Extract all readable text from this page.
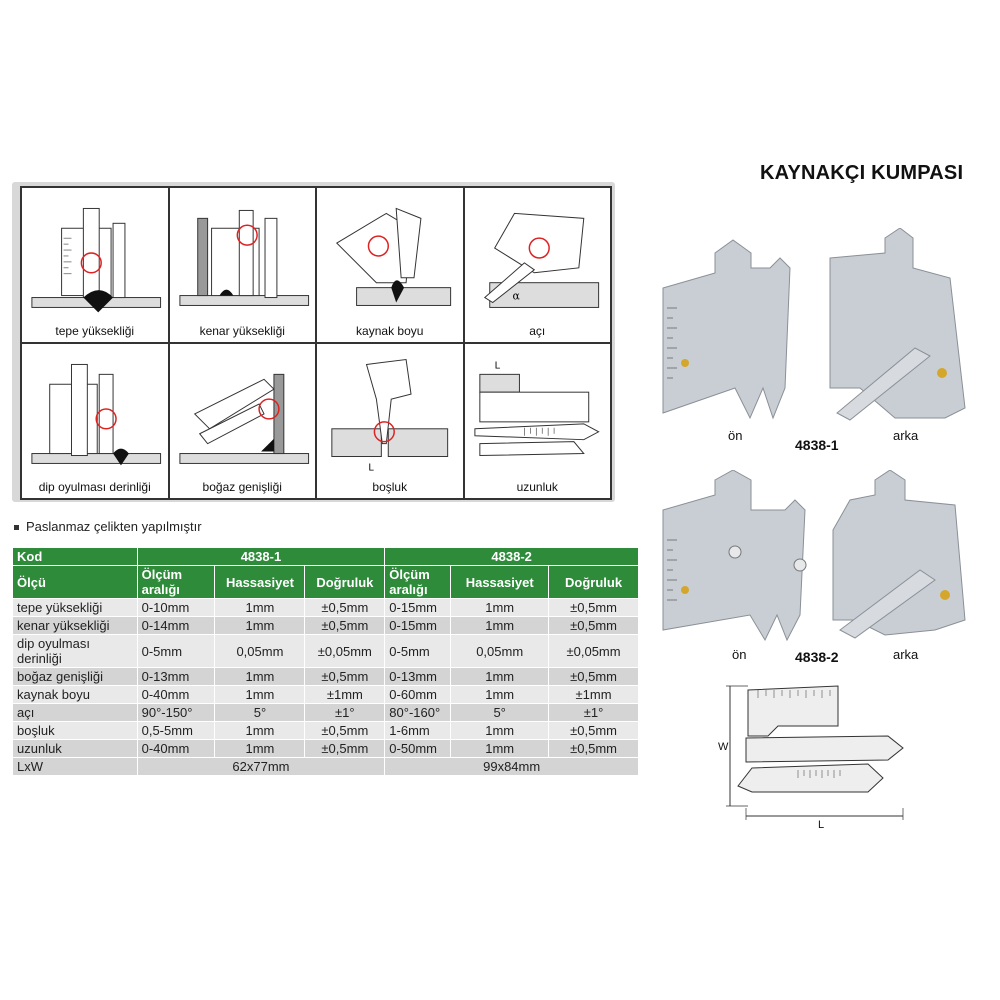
KAYNAKÇI KUMPASI
tepe yüksekliği	kenar yüksekliği	kaynak boyu
α
açı
dip oyulması derinliği	boğaz genişliği
L
boşluk
L
uzunluk
Paslanmaz çelikten yapılmıştır
Kod	4838-1			4838-2		
Ölçü	Ölçüm aralığı	Hassasiyet	Doğruluk	Ölçüm aralığı	Hassasiyet	Doğruluk
tepe yüksekliği	0-10mm	1mm	±0,5mm	0-15mm	1mm	±0,5mm
kenar yüksekliği	0-14mm	1mm	±0,5mm	0-15mm	1mm	±0,5mm
dip oyulması derinliği	0-5mm	0,05mm	±0,05mm	0-5mm	0,05mm	±0,05mm
boğaz genişliği	0-13mm	1mm	±0,5mm	0-13mm	1mm	±0,5mm
kaynak boyu	0-40mm	1mm	±1mm	0-60mm	1mm	±1mm
açı	90°-150°	5°	±1°	80°-160°	5°	±1°
boşluk	0,5-5mm	1mm	±0,5mm	1-6mm	1mm	±0,5mm
uzunluk	0-40mm	1mm	±0,5mm	0-50mm	1mm	±0,5mm
LxW	62x77mm			99x84mm		
ön	arka
4838-1
ön	arka
4838-2
W
L
